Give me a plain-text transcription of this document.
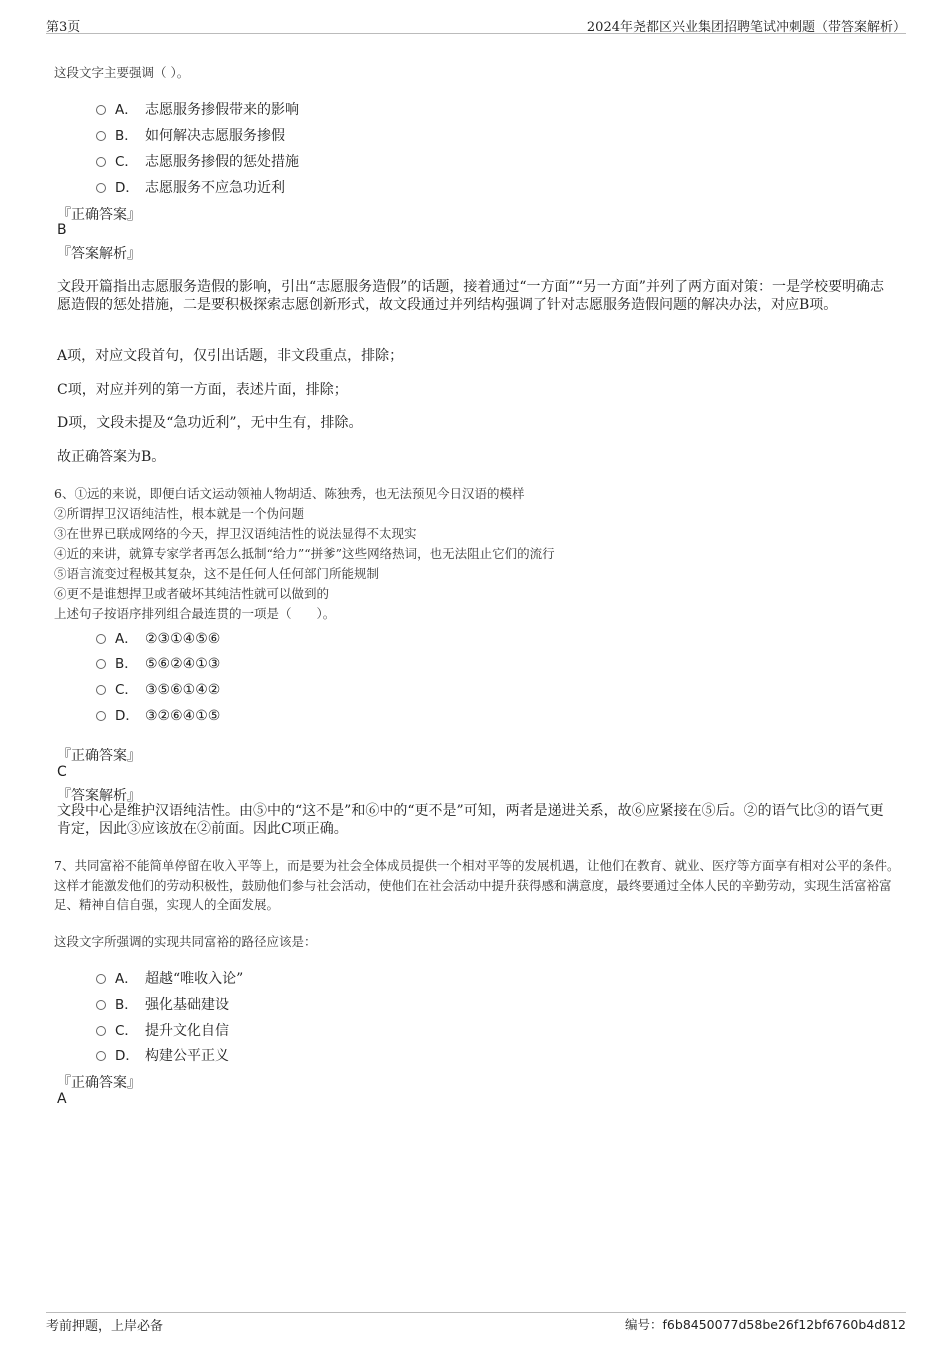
第3页	2024年尧都区兴业集团招聘笔试冲刺题（带答案解析）
这段文字主要强调（ ）。
A． 志愿服务掺假带来的影响
B． 如何解决志愿服务掺假
C． 志愿服务掺假的惩处措施
D． 志愿服务不应急功近利
『正确答案』
B
『答案解析』
文段开篇指出志愿服务造假的影响，引出“志愿服务造假”的话题，接着通过“一方面”“另一方面”并列了两方面对策：一是学校要明确志愿造假的惩处措施，二是要积极探索志愿创新形式，故文段通过并列结构强调了针对志愿服务造假问题的解决办法，对应B项。
A项，对应文段首句，仅引出话题，非文段重点，排除；
C项，对应并列的第一方面，表述片面，排除；
D项，文段未提及“急功近利”，无中生有，排除。
故正确答案为B。
6、①远的来说，即便白话文运动领袖人物胡适、陈独秀，也无法预见今日汉语的模样
②所谓捍卫汉语纯洁性，根本就是一个伪问题
③在世界已联成网络的今天，捍卫汉语纯洁性的说法显得不太现实
④近的来讲，就算专家学者再怎么抵制“给力”“拼爹”这些网络热词，也无法阻止它们的流行
⑤语言流变过程极其复杂，这不是任何人任何部门所能规制
⑥更不是谁想捍卫或者破坏其纯洁性就可以做到的
上述句子按语序排列组合最连贯的一项是（　　）。
A． ②③①④⑤⑥
B． ⑤⑥②④①③
C． ③⑤⑥①④②
D． ③②⑥④①⑤
『正确答案』
C
『答案解析』
文段中心是维护汉语纯洁性。由⑤中的“这不是”和⑥中的“更不是”可知，两者是递进关系，故⑥应紧接在⑤后。②的语气比③的语气更肯定，因此③应该放在②前面。因此C项正确。
7、共同富裕不能简单停留在收入平等上，而是要为社会全体成员提供一个相对平等的发展机遇，让他们在教育、就业、医疗等方面享有相对公平的条件。这样才能激发他们的劳动积极性，鼓励他们参与社会活动，使他们在社会活动中提升获得感和满意度，最终要通过全体人民的辛勤劳动，实现生活富裕富足、精神自信自强，实现人的全面发展。
这段文字所强调的实现共同富裕的路径应该是：
A． 超越“唯收入论”
B． 强化基础建设
C． 提升文化自信
D． 构建公平正义
『正确答案』
A
考前押题，上岸必备	编号：f6b8450077d58be26f12bf6760b4d812
